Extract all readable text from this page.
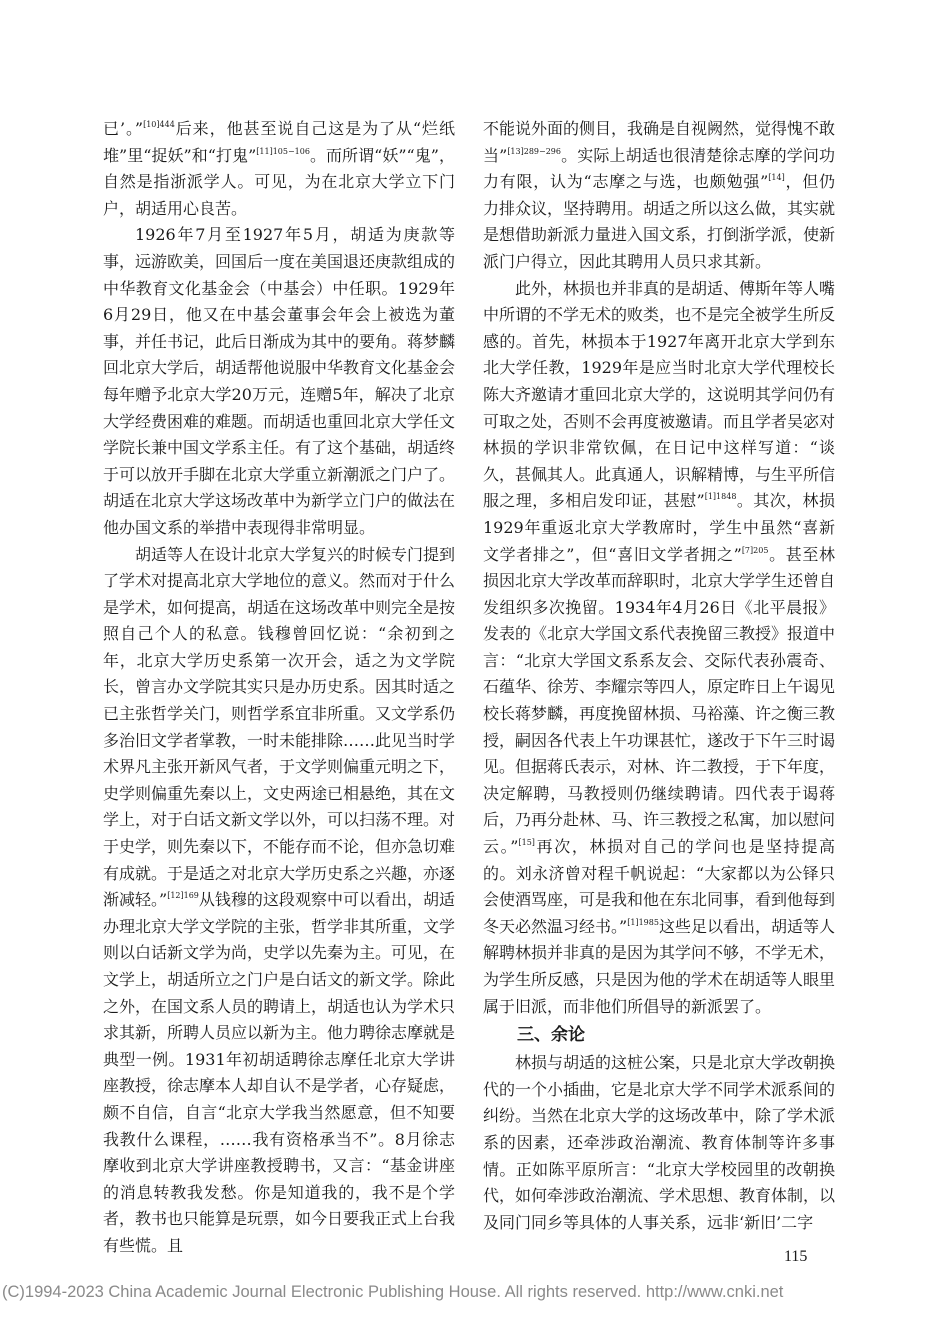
已’。”$^{[10]444}$后来，他甚至说自己这是为了从“烂纸堆”里“捉妖”和“打鬼”$^{[11]105-106}$。而所谓“妖”“鬼”，自然是指浙派学人。可见，为在北京大学立下门户，胡适用心良苦。

1926年7月至1927年5月，胡适为庚款等事，远游欧美，回国后一度在美国退还庚款组成的中华教育文化基金会（中基会）中任职。1929年6月29日，他又在中基会董事会年会上被选为董事，并任书记，此后日渐成为其中的要角。蒋梦麟回北京大学后，胡适帮他说服中华教育文化基金会每年赠予北京大学20万元，连赠5年，解决了北京大学经费困难的难题。而胡适也重回北京大学任文学院长兼中国文学系主任。有了这个基础，胡适终于可以放开手脚在北京大学重立新潮派之门户了。胡适在北京大学这场改革中为新学立门户的做法在他办国文系的举措中表现得非常明显。

胡适等人在设计北京大学复兴的时候专门提到了学术对提高北京大学地位的意义。然而对于什么是学术，如何提高，胡适在这场改革中则完全是按照自己个人的私意。钱穆曾回忆说：“余初到之年，北京大学历史系第一次开会，适之为文学院长，曾言办文学院其实只是办历史系。因其时适之已主张哲学关门，则哲学系宜非所重。又文学系仍多治旧文学者掌教，一时未能排除……此见当时学术界凡主张开新风气者，于文学则偏重元明之下，史学则偏重先秦以上，文史两途已相悬绝，其在文学上，对于白话文新文学以外，可以扫荡不理。对于史学，则先秦以下，不能存而不论，但亦急切难有成就。于是适之对北京大学历史系之兴趣，亦逐渐减轻。”$^{[12]169}$从钱穆的这段观察中可以看出，胡适办理北京大学文学院的主张，哲学非其所重，文学则以白话新文学为尚，史学以先秦为主。可见，在文学上，胡适所立之门户是白话文的新文学。除此之外，在国文系人员的聘请上，胡适也认为学术只求其新，所聘人员应以新为主。他力聘徐志摩就是典型一例。1931年初胡适聘徐志摩任北京大学讲座教授，徐志摩本人却自认不是学者，心存疑虑，颇不自信，自言“北京大学我当然愿意，但不知要我教什么课程，……我有资格承当不”。8月徐志摩收到北京大学讲座教授聘书，又言：“基金讲座的消息转教我发愁。你是知道我的，我不是个学者，教书也只能算是玩票，如今日要我正式上台我有些慌。且

不能说外面的侧目，我确是自视阙然，觉得愧不敢当”$^{[13]289-296}$。实际上胡适也很清楚徐志摩的学问功力有限，认为“志摩之与选，也颇勉强”[14]，但仍力排众议，坚持聘用。胡适之所以这么做，其实就是想借助新派力量进入国文系，打倒浙学派，使新派门户得立，因此其聘用人员只求其新。

此外，林损也并非真的是胡适、傅斯年等人嘴中所谓的不学无术的败类，也不是完全被学生所反感的。首先，林损本于1927年离开北京大学到东北大学任教，1929年是应当时北京大学代理校长陈大齐邀请才重回北京大学的，这说明其学问仍有可取之处，否则不会再度被邀请。而且学者吴宓对林损的学识非常钦佩，在日记中这样写道：“谈久，甚佩其人。此真通人，识解精博，与生平所信服之理，多相启发印证，甚慰”$^{[1]1848}$。其次，林损1929年重返北京大学教席时，学生中虽然“喜新文学者排之”，但“喜旧文学者拥之”$^{[7]205}$。甚至林损因北京大学改革而辞职时，北京大学学生还曾自发组织多次挽留。1934年4月26日《北平晨报》发表的《北京大学国文系代表挽留三教授》报道中言：“北京大学国文系系友会、交际代表孙震奇、石蕴华、徐芳、李耀宗等四人，原定昨日上午谒见校长蒋梦麟，再度挽留林损、马裕藻、许之衡三教授，嗣因各代表上午功课甚忙，遂改于下午三时谒见。但据蒋氏表示，对林、许二教授，于下年度，决定解聘，马教授则仍继续聘请。四代表于谒蒋后，乃再分赴林、马、许三教授之私寓，加以慰问云。”[15]再次，林损对自己的学问也是坚持提高的。刘永济曾对程千帆说起：“大家都以为公铎只会使酒骂座，可是我和他在东北同事，看到他每到冬天必然温习经书。”$^{[1]1985}$这些足以看出，胡适等人解聘林损并非真的是因为其学问不够，不学无术，为学生所反感，只是因为他的学术在胡适等人眼里属于旧派，而非他们所倡导的新派罢了。

三、余论

林损与胡适的这桩公案，只是北京大学改朝换代的一个小插曲，它是北京大学不同学术派系间的纠纷。当然在北京大学的这场改革中，除了学术派系的因素，还牵涉政治潮流、教育体制等许多事情。正如陈平原所言：“北京大学校园里的改朝换代，如何牵涉政治潮流、学术思想、教育体制，以及同门同乡等具体的人事关系，远非‘新旧’二字

115
(C)1994-2023 China Academic Journal Electronic Publishing House. All rights reserved. http://www.cnki.net
